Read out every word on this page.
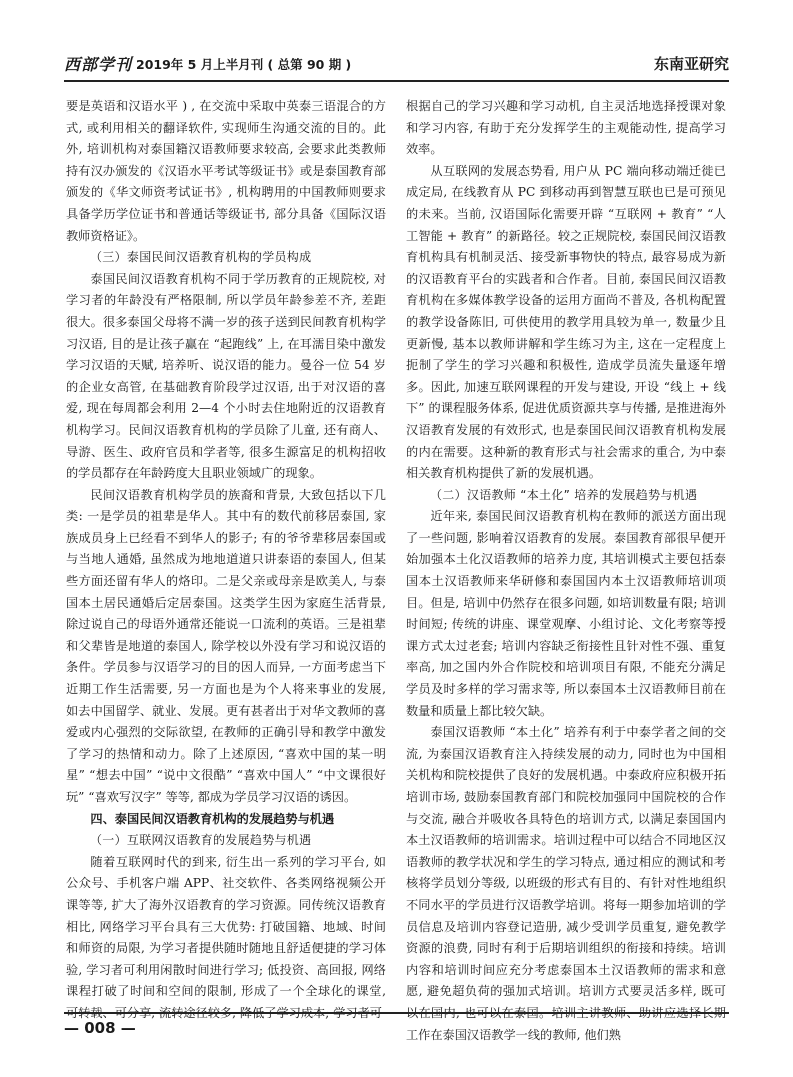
西部学刊 2019年 5 月上半月刊 ( 总第 90 期 )	东南亚研究

要是英语和汉语水平 ) , 在交流中采取中英泰三语混合的方式, 或利用相关的翻译软件, 实现师生沟通交流的目的。此外, 培训机构对泰国籍汉语教师要求较高, 会要求此类教师持有汉办颁发的《汉语水平考试等级证书》或是泰国教育部颁发的《华文师资考试证书》, 机构聘用的中国教师则要求具备学历学位证书和普通话等级证书, 部分具备《国际汉语教师资格证》。

（三）泰国民间汉语教育机构的学员构成

泰国民间汉语教育机构不同于学历教育的正规院校, 对学习者的年龄没有严格限制, 所以学员年龄参差不齐, 差距很大。很多泰国父母将不满一岁的孩子送到民间教育机构学习汉语, 目的是让孩子赢在 “起跑线” 上, 在耳濡目染中激发学习汉语的天赋, 培养听、说汉语的能力。曼谷一位 54 岁的企业女高管, 在基础教育阶段学过汉语, 出于对汉语的喜爱, 现在每周都会利用 2—4 个小时去住地附近的汉语教育机构学习。民间汉语教育机构的学员除了儿童, 还有商人、导游、医生、政府官员和学者等, 很多生源富足的机构招收的学员都存在年龄跨度大且职业领域广的现象。

民间汉语教育机构学员的族裔和背景, 大致包括以下几类: 一是学员的祖辈是华人。其中有的数代前移居泰国, 家族成员身上已经看不到华人的影子; 有的爷爷辈移居泰国或与当地人通婚, 虽然成为地地道道只讲泰语的泰国人, 但某些方面还留有华人的烙印。二是父亲或母亲是欧美人, 与泰国本土居民通婚后定居泰国。这类学生因为家庭生活背景, 除过说自己的母语外通常还能说一口流利的英语。三是祖辈和父辈皆是地道的泰国人, 除学校以外没有学习和说汉语的条件。学员参与汉语学习的目的因人而异, 一方面考虑当下近期工作生活需要, 另一方面也是为个人将来事业的发展, 如去中国留学、就业、发展。更有甚者出于对华文教师的喜爱或内心强烈的交际欲望, 在教师的正确引导和教学中激发了学习的热情和动力。除了上述原因, “喜欢中国的某一明星” “想去中国” “说中文很酷” “喜欢中国人” “中文课很好玩” “喜欢写汉字” 等等, 都成为学员学习汉语的诱因。

四、泰国民间汉语教育机构的发展趋势与机遇
（一）互联网汉语教育的发展趋势与机遇

随着互联网时代的到来, 衍生出一系列的学习平台, 如公众号、手机客户端 APP、社交软件、各类网络视频公开课等等, 扩大了海外汉语教育的学习资源。同传统汉语教育相比, 网络学习平台具有三大优势: 打破国籍、地域、时间和师资的局限, 为学习者提供随时随地且舒适便捷的学习体验, 学习者可利用闲散时间进行学习; 低投资、高回报, 网络课程打破了时间和空间的限制, 形成了一个全球化的课堂, 可转载、可分享, 流转途径较多, 降低了学习成本; 学习者可

根据自己的学习兴趣和学习动机, 自主灵活地选择授课对象和学习内容, 有助于充分发挥学生的主观能动性, 提高学习效率。

从互联网的发展态势看, 用户从 PC 端向移动端迁徙已成定局, 在线教育从 PC 到移动再到智慧互联也已是可预见的未来。当前, 汉语国际化需要开辟 “互联网 + 教育” “人工智能 + 教育” 的新路径。较之正规院校, 泰国民间汉语教育机构具有机制灵活、接受新事物快的特点, 最容易成为新的汉语教育平台的实践者和合作者。目前, 泰国民间汉语教育机构在多媒体教学设备的运用方面尚不普及, 各机构配置的教学设备陈旧, 可供使用的教学用具较为单一, 数量少且更新慢, 基本以教师讲解和学生练习为主, 这在一定程度上扼制了学生的学习兴趣和积极性, 造成学员流失量逐年增多。因此, 加速互联网课程的开发与建设, 开设 “线上 + 线下” 的课程服务体系, 促进优质资源共享与传播, 是推进海外汉语教育发展的有效形式, 也是泰国民间汉语教育机构发展的内在需要。这种新的教育形式与社会需求的重合, 为中泰相关教育机构提供了新的发展机遇。

（二）汉语教师 “本土化” 培养的发展趋势与机遇

近年来, 泰国民间汉语教育机构在教师的派送方面出现了一些问题, 影响着汉语教育的发展。泰国教育部很早便开始加强本土化汉语教师的培养力度, 其培训模式主要包括泰国本土汉语教师来华研修和泰国国内本土汉语教师培训项目。但是, 培训中仍然存在很多问题, 如培训数量有限; 培训时间短; 传统的讲座、课堂观摩、小组讨论、文化考察等授课方式太过老套; 培训内容缺乏衔接性且针对性不强、重复率高, 加之国内外合作院校和培训项目有限, 不能充分满足学员及时多样的学习需求等, 所以泰国本土汉语教师目前在数量和质量上都比较欠缺。

泰国汉语教师 “本土化” 培养有利于中泰学者之间的交流, 为泰国汉语教育注入持续发展的动力, 同时也为中国相关机构和院校提供了良好的发展机遇。中泰政府应积极开拓培训市场, 鼓励泰国教育部门和院校加强同中国院校的合作与交流, 融合并吸收各具特色的培训方式, 以满足泰国国内本土汉语教师的培训需求。培训过程中可以结合不同地区汉语教师的教学状况和学生的学习特点, 通过相应的测试和考核将学员划分等级, 以班级的形式有目的、有针对性地组织不同水平的学员进行汉语教学培训。将每一期参加培训的学员信息及培训内容登记造册, 减少受训学员重复, 避免教学资源的浪费, 同时有利于后期培训组织的衔接和持续。培训内容和培训时间应充分考虑泰国本土汉语教师的需求和意愿, 避免超负荷的强加式培训。培训方式要灵活多样, 既可以在国内, 也可以在泰国。培训主讲教师、助讲应选择长期工作在泰国汉语教学一线的教师, 他们熟

— 008 —
